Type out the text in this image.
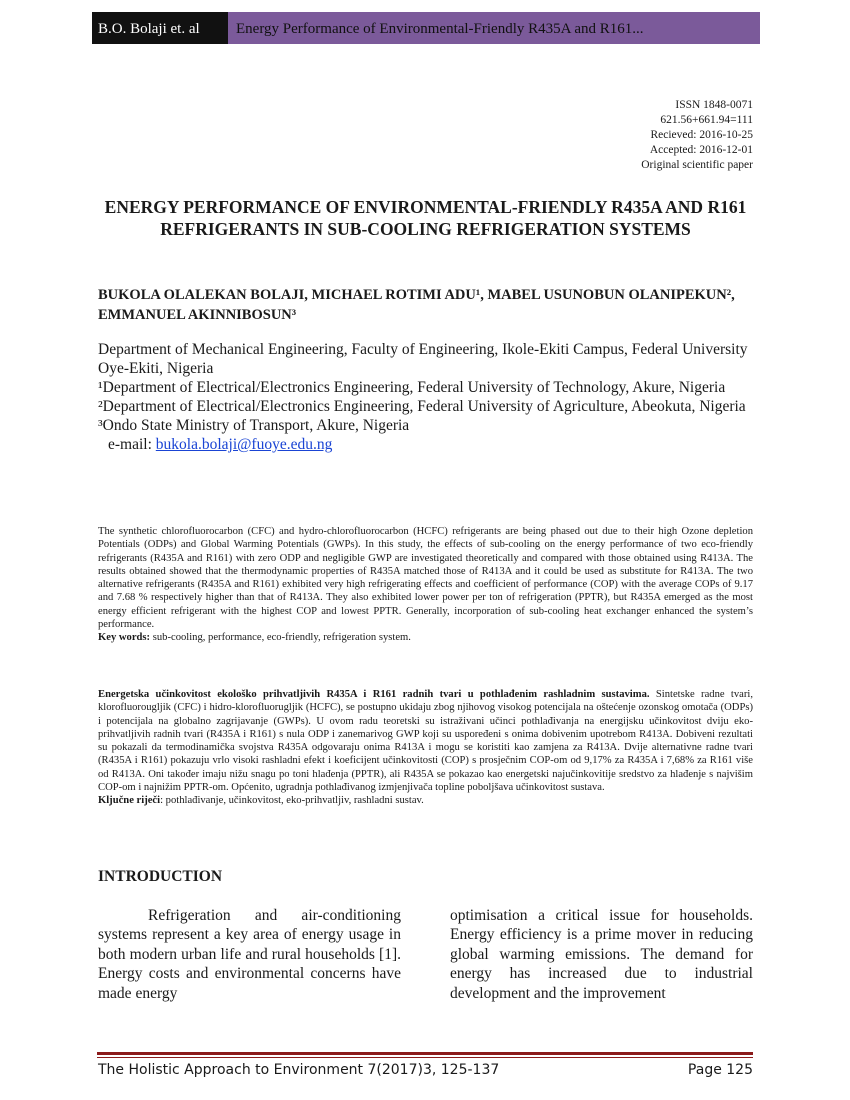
B.O. Bolaji et. al	Energy Performance of Environmental-Friendly R435A and R161...
ISSN 1848-0071
621.56+661.94=111
Recieved: 2016-10-25
Accepted: 2016-12-01
Original scientific paper
ENERGY PERFORMANCE OF ENVIRONMENTAL-FRIENDLY R435A AND R161 REFRIGERANTS IN SUB-COOLING REFRIGERATION SYSTEMS

BUKOLA OLALEKAN BOLAJI, MICHAEL ROTIMI ADU¹, MABEL USUNOBUN OLANIPEKUN², EMMANUEL AKINNIBOSUN³

Department of Mechanical Engineering, Faculty of Engineering, Ikole-Ekiti Campus, Federal University Oye-Ekiti, Nigeria

¹Department of Electrical/Electronics Engineering, Federal University of Technology, Akure, Nigeria

²Department of Electrical/Electronics Engineering, Federal University of Agriculture, Abeokuta, Nigeria

³Ondo State Ministry of Transport, Akure, Nigeria

e-mail: bukola.bolaji@fuoye.edu.ng

The synthetic chlorofluorocarbon (CFC) and hydro-chlorofluorocarbon (HCFC) refrigerants are being phased out due to their high Ozone depletion Potentials (ODPs) and Global Warming Potentials (GWPs). In this study, the effects of sub-cooling on the energy performance of two eco-friendly refrigerants (R435A and R161) with zero ODP and negligible GWP are investigated theoretically and compared with those obtained using R413A. The results obtained showed that the thermodynamic properties of R435A matched those of R413A and it could be used as substitute for R413A. The two alternative refrigerants (R435A and R161) exhibited very high refrigerating effects and coefficient of performance (COP) with the average COPs of 9.17 and 7.68 % respectively higher than that of R413A. They also exhibited lower power per ton of refrigeration (PPTR), but R435A emerged as the most energy efficient refrigerant with the highest COP and lowest PPTR. Generally, incorporation of sub-cooling heat exchanger enhanced the system’s performance.
Key words: sub-cooling, performance, eco-friendly, refrigeration system.

Energetska učinkovitost ekološko prihvatljivih R435A i R161 radnih tvari u pothlađenim rashladnim sustavima. Sintetske radne tvari, klorofluorougljik (CFC) i hidro-klorofluorugljik (HCFC), se postupno ukidaju zbog njihovog visokog potencijala na oštećenje ozonskog omotača (ODPs) i potencijala na globalno zagrijavanje (GWPs). U ovom radu teoretski su istraživani učinci pothlađivanja na energijsku učinkovitost dviju eko-prihvatljivih radnih tvari (R435A i R161) s nula ODP i zanemarivog GWP koji su uspoređeni s onima dobivenim upotrebom R413A. Dobiveni rezultati su pokazali da termodinamička svojstva R435A odgovaraju onima R413A i mogu se koristiti kao zamjena za R413A. Dvije alternativne radne tvari (R435A i R161) pokazuju vrlo visoki rashladni efekt i koeficijent učinkovitosti (COP) s prosječnim COP-om od 9,17% za R435A i 7,68% za R161 više od R413A. Oni također imaju nižu snagu po toni hlađenja (PPTR), ali R435A se pokazao kao energetski najučinkovitije sredstvo za hlađenje s najvišim COP-om i najnižim PPTR-om. Općenito, ugradnja pothlađivanog izmjenjivača topline poboljšava učinkovitost sustava.
Ključne riječi: pothlađivanje, učinkovitost, eko-prihvatljiv, rashladni sustav.

INTRODUCTION

Refrigeration and air-conditioning systems represent a key area of energy usage in both modern urban life and rural households [1]. Energy costs and environmental concerns have made energy

optimisation a critical issue for households. Energy efficiency is a prime mover in reducing global warming emissions. The demand for energy has increased due to industrial development and the improvement

The Holistic Approach to Environment 7(2017)3, 125-137	Page 125
